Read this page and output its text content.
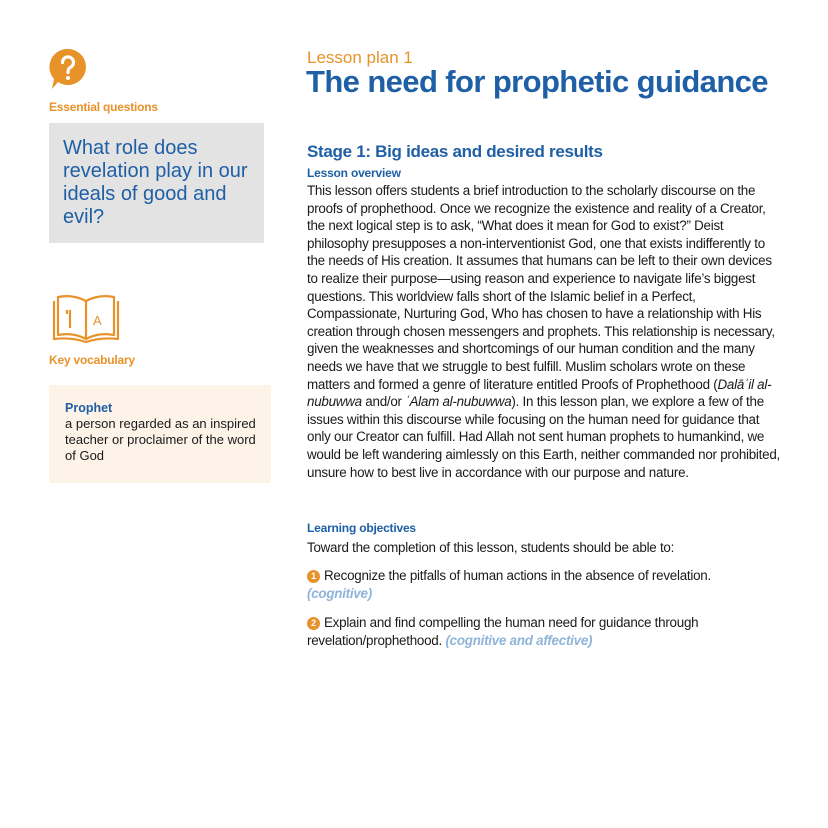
Essential questions
What role does revelation play in our ideals of good and evil?
A
Key vocabulary
Prophet
a person regarded as an inspired teacher or proclaimer of the word of God
Lesson plan 1
The need for prophetic guidance
Stage 1: Big ideas and desired results
Lesson overview
This lesson offers students a brief introduction to the scholarly discourse on the proofs of prophethood. Once we recognize the existence and reality of a Creator, the next logical step is to ask, “What does it mean for God to exist?” Deist philosophy presupposes a non-interventionist God, one that exists indifferently to the needs of His creation. It assumes that humans can be left to their own devices to realize their purpose—using reason and experience to navigate life’s biggest questions. This worldview falls short of the Islamic belief in a Perfect, Compassionate, Nurturing God, Who has chosen to have a relationship with His creation through chosen messengers and prophets. This relationship is necessary, given the weaknesses and shortcomings of our human condition and the many needs we have that we struggle to best fulfill. Muslim scholars wrote on these matters and formed a genre of literature entitled Proofs of Prophethood (Dalāʾil al-nubuwwa and/or ʿAlam al-nubuwwa). In this lesson plan, we explore a few of the issues within this discourse while focusing on the human need for guidance that only our Creator can fulfill. Had Allah not sent human prophets to humankind, we would be left wandering aimlessly on this Earth, neither commanded nor prohibited, unsure how to best live in accordance with our purpose and nature.
Learning objectives
Toward the completion of this lesson, students should be able to:
1 Recognize the pitfalls of human actions in the absence of revelation. (cognitive)
2 Explain and find compelling the human need for guidance through revelation/prophethood. (cognitive and affective)
